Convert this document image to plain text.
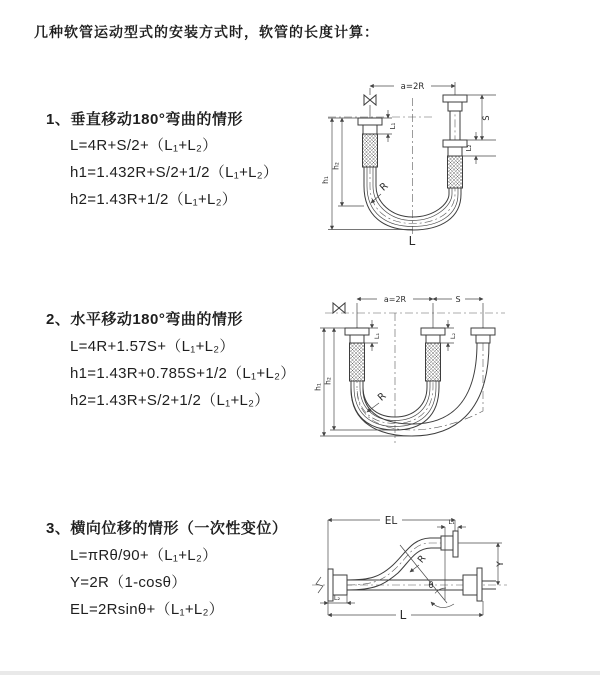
几种软管运动型式的安装方式时，软管的长度计算：
1、垂直移动180°弯曲的情形
L=4R+S/2+（L₁+L₂）
h1=1.432R+S/2+1/2（L₁+L₂）
h2=1.43R+1/2（L₁+L₂）
2、水平移动180°弯曲的情形
L=4R+1.57S+（L₁+L₂）
h1=1.43R+0.785S+1/2（L₁+L₂）
h2=1.43R+S/2+1/2（L₁+L₂）
3、横向位移的情形（一次性变位）
L=πRθ/90+（L₁+L₂）
Y=2R（1-cosθ）
EL=2Rsinθ+（L₁+L₂）
a=2R
L₁
S
L₂
h₁
h₂
R
L
a=2R	S
h₁
h₂
L₁	L₂
R
θ
EL	L₁
Y
L
L₂
R
